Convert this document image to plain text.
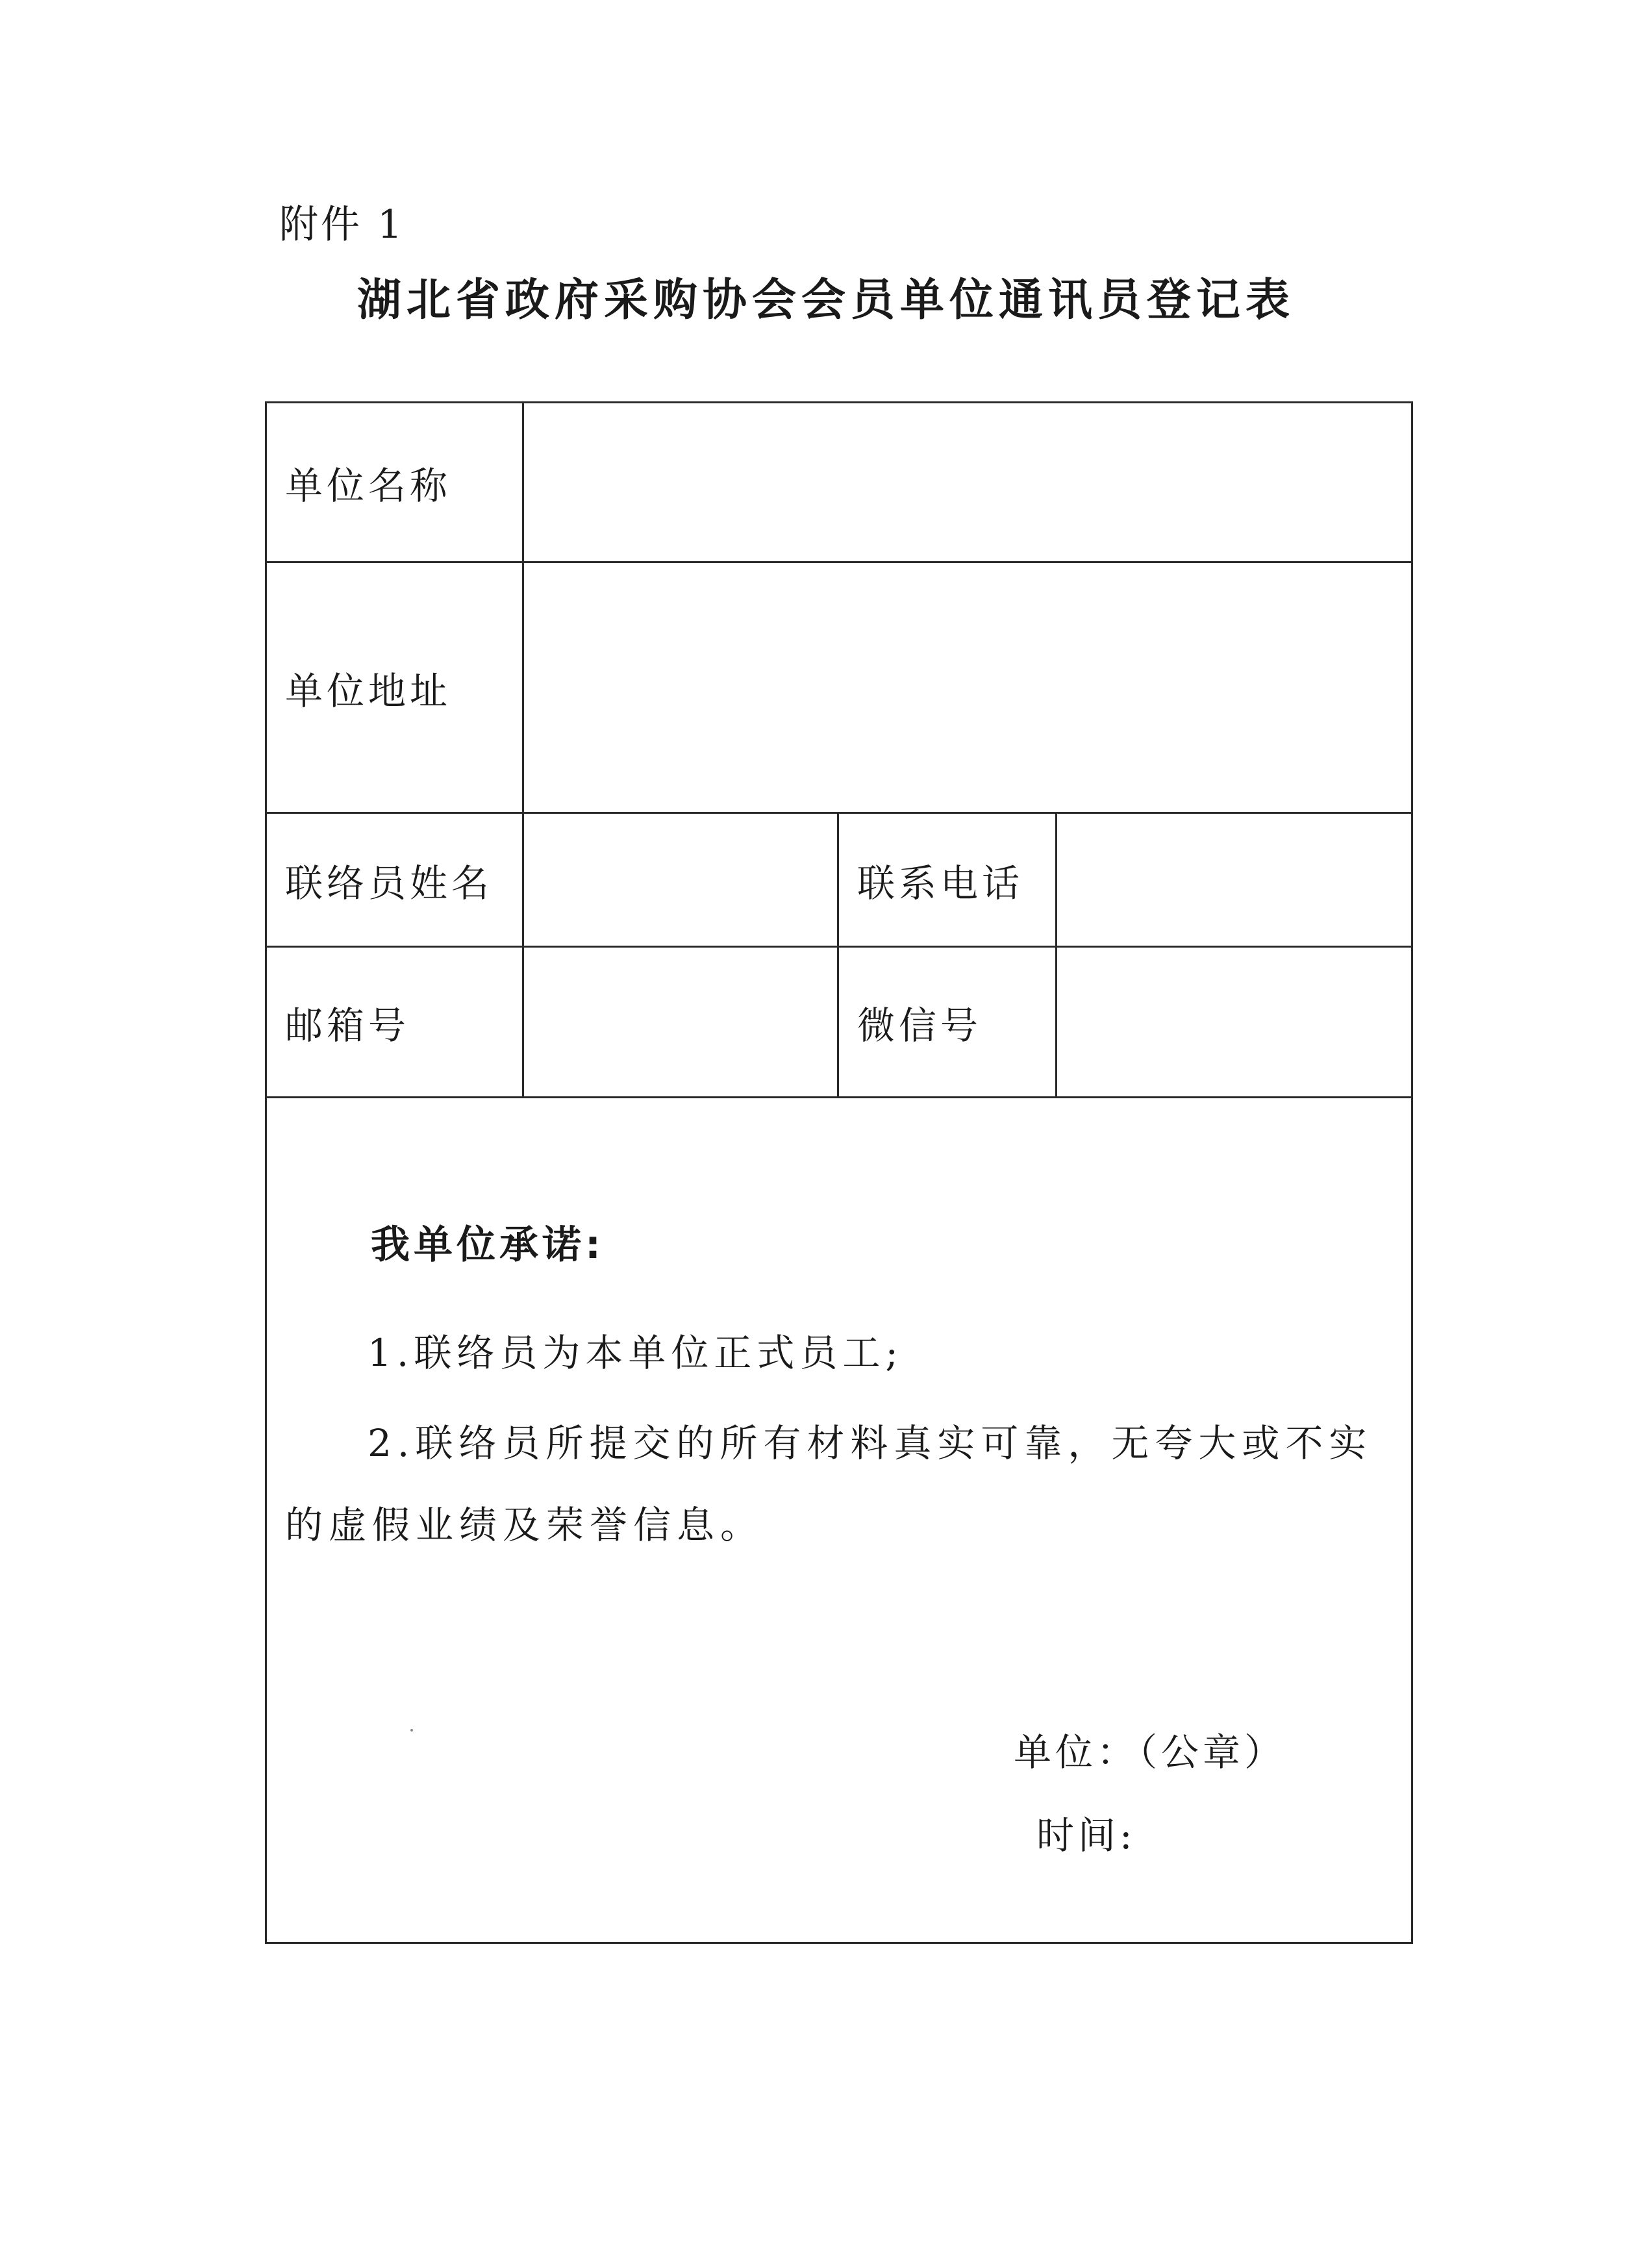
附件 1
湖北省政府采购协会会员单位通讯员登记表
单位名称			
单位地址			
联络员姓名		联系电话	
邮箱号		微信号	

我单位承诺:
1.联络员为本单位正式员工;
2.联络员所提交的所有材料真实可靠，无夸大或不实的虚假业绩及荣誉信息。
单位：（公章）
时间:			
